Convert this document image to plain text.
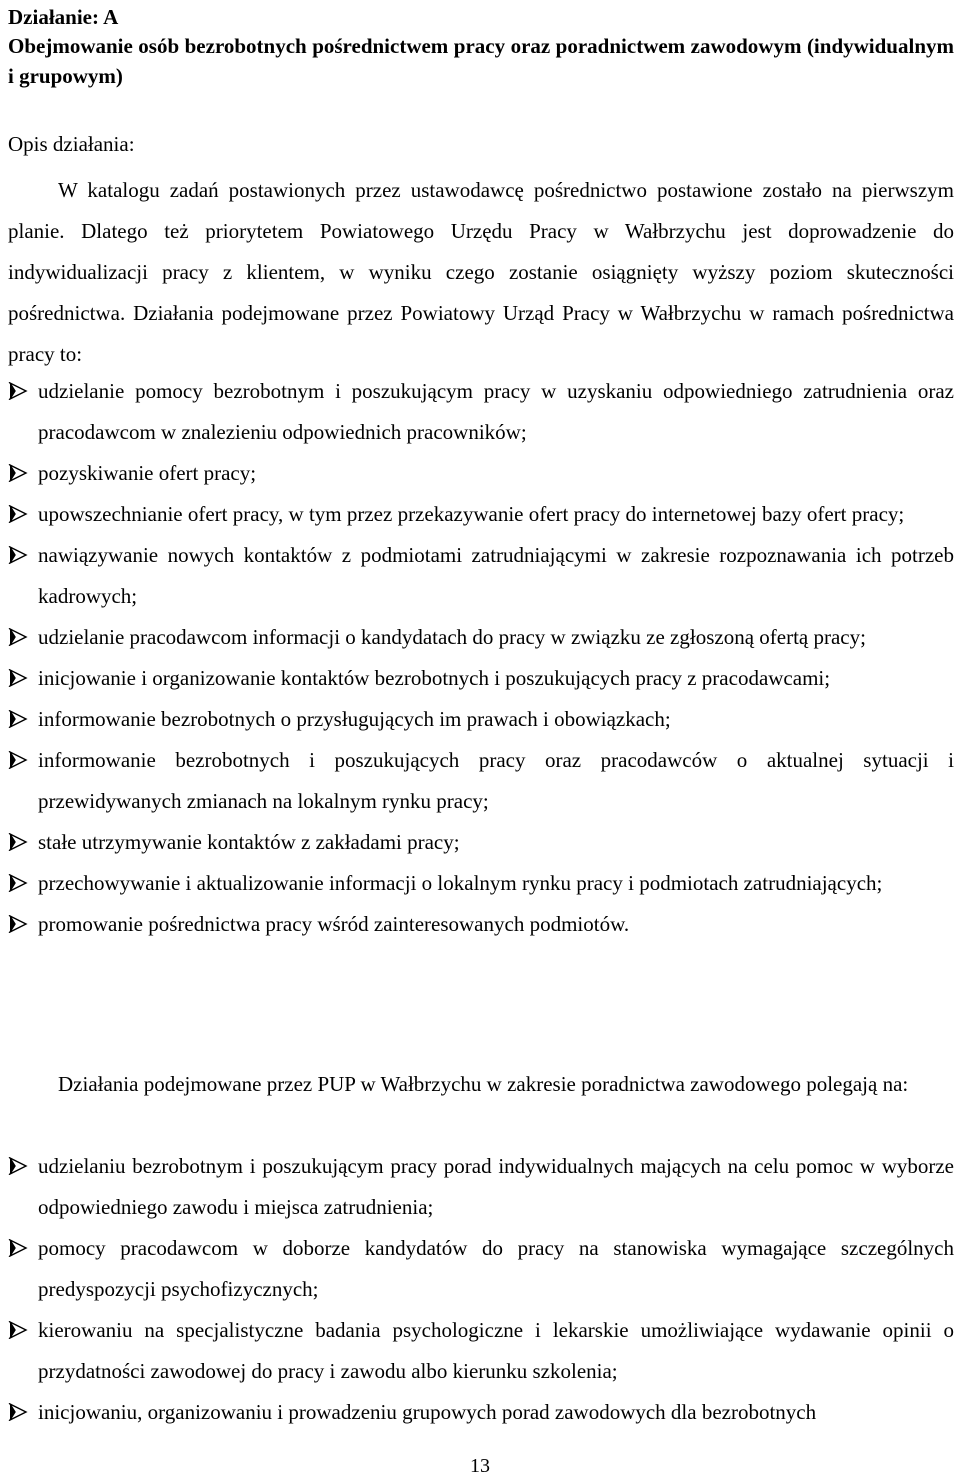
Działanie: A
Obejmowanie osób bezrobotnych pośrednictwem pracy oraz poradnictwem zawodowym (indywidualnym i grupowym)
Opis działania:

W katalogu zadań postawionych przez ustawodawcę pośrednictwo postawione zostało na pierwszym planie. Dlatego też priorytetem Powiatowego Urzędu Pracy w Wałbrzychu jest doprowadzenie do indywidualizacji pracy z klientem, w wyniku czego zostanie osiągnięty wyższy poziom skuteczności pośrednictwa. Działania podejmowane przez Powiatowy Urząd Pracy w Wałbrzychu w ramach pośrednictwa pracy to:

udzielanie pomocy bezrobotnym i poszukującym pracy w uzyskaniu odpowiedniego zatrudnienia oraz pracodawcom w znalezieniu odpowiednich pracowników;
pozyskiwanie ofert pracy;
upowszechnianie ofert pracy, w tym przez przekazywanie ofert pracy do internetowej bazy ofert pracy;
nawiązywanie nowych kontaktów z podmiotami zatrudniającymi w zakresie rozpoznawania ich potrzeb kadrowych;
udzielanie pracodawcom informacji o kandydatach do pracy w związku ze zgłoszoną ofertą pracy;
inicjowanie i organizowanie kontaktów bezrobotnych i poszukujących pracy z pracodawcami;
informowanie bezrobotnych o przysługujących im prawach i obowiązkach;
informowanie bezrobotnych i poszukujących pracy oraz pracodawców o aktualnej sytuacji i przewidywanych zmianach na lokalnym rynku pracy;
stałe utrzymywanie kontaktów z zakładami pracy;
przechowywanie i aktualizowanie informacji o lokalnym rynku pracy i podmiotach zatrudniających;
promowanie pośrednictwa pracy wśród zainteresowanych podmiotów.

Działania podejmowane przez PUP w Wałbrzychu w zakresie poradnictwa zawodowego polegają na:

udzielaniu bezrobotnym i poszukującym pracy porad indywidualnych mających na celu pomoc w wyborze odpowiedniego zawodu i miejsca zatrudnienia;
pomocy pracodawcom w doborze kandydatów do pracy na stanowiska wymagające szczególnych predyspozycji psychofizycznych;
kierowaniu na specjalistyczne badania psychologiczne i lekarskie umożliwiające wydawanie opinii o przydatności zawodowej do pracy i zawodu albo kierunku szkolenia;
inicjowaniu, organizowaniu i prowadzeniu grupowych porad zawodowych dla bezrobotnych
13
